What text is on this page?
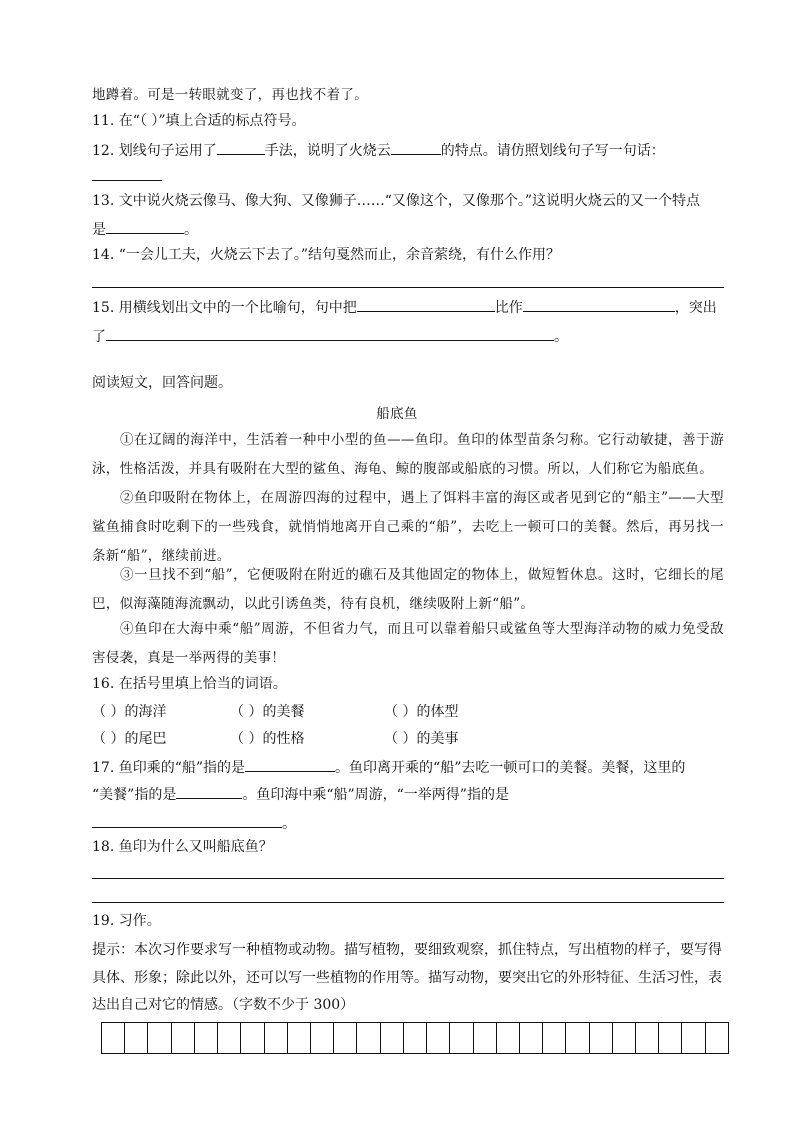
地蹲着。可是一转眼就变了，再也找不着了。
11. 在“（ ）”填上合适的标点符号。
12. 划线句子运用了	手法，说明了火烧云	的特点。请仿照划线句子写一句话：
13. 文中说火烧云像马、像大狗、又像狮子……“又像这个，又像那个。”这说明火烧云的又一个特点
是	。
14. “一会儿工夫，火烧云下去了。”结句戛然而止，余音萦绕，有什么作用？
15. 用横线划出文中的一个比喻句，句中把	比作	，突出
了	。
阅读短文，回答问题。
船底鱼
①在辽阔的海洋中，生活着一种中小型的鱼——鱼印。鱼印的体型苗条匀称。它行动敏捷，善于游泳，性格活泼，并具有吸附在大型的鲨鱼、海龟、鲸的腹部或船底的习惯。所以，人们称它为船底鱼。
②鱼印吸附在物体上，在周游四海的过程中，遇上了饵料丰富的海区或者见到它的“船主”——大型鲨鱼捕食时吃剩下的一些残食，就悄悄地离开自己乘的“船”，去吃上一顿可口的美餐。然后，再另找一条新“船”，继续前进。
③一旦找不到“船”，它便吸附在附近的礁石及其他固定的物体上，做短暂休息。这时，它细长的尾巴，似海藻随海流飘动，以此引诱鱼类，待有良机，继续吸附上新“船”。
④鱼印在大海中乘“船”周游，不但省力气，而且可以靠着船只或鲨鱼等大型海洋动物的威力免受敌害侵袭，真是一举两得的美事！
16. 在括号里填上恰当的词语。
（ ）的海洋	（ ）的美餐	（ ）的体型
（ ）的尾巴	（ ）的性格	（ ）的美事
17. 鱼印乘的“船”指的是	。鱼印离开乘的“船”去吃一顿可口的美餐。美餐，这里的
“美餐”指的是	。鱼印海中乘“船”周游，“一举两得”指的是
。
18. 鱼印为什么又叫船底鱼？
19. 习作。
提示：本次习作要求写一种植物或动物。描写植物，要细致观察，抓住特点，写出植物的样子，要写得
具体、形象；除此以外，还可以写一些植物的作用等。描写动物，要突出它的外形特征、生活习性，表
达出自己对它的情感。（字数不少于 300）
